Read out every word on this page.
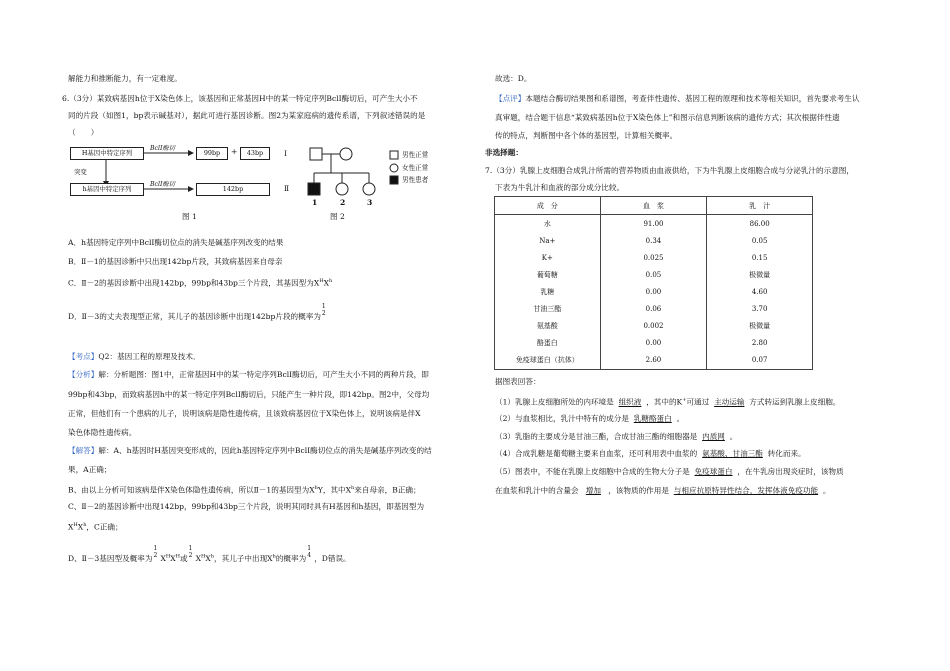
解能力和推断能力，有一定难度。
6.（3分）某致病基因h位于X染色体上，该基因和正常基因H中的某一特定序列BclI酶切后，可产生大小不
同的片段（如图1，bp表示碱基对），据此可进行基因诊断。图2为某家庭病的遗传系谱，下列叙述错误的是
（　　）
H基因中特定序列
BclⅠ酶切
99bp	+	43bp
突变
h基因中特定序列
BclⅠ酶切
142bp
图 1
Ⅰ
Ⅱ
1	2	3
男性正常
女性正常
男性患者
图 2
A．h基因特定序列中BclⅠ酶切位点的消失是碱基序列改变的结果
B．Ⅱ－1的基因诊断中只出现142bp片段，其致病基因来自母亲
C．Ⅱ－2的基因诊断中出现142bp，99bp和43bp三个片段，其基因型为$X^HX^h$
D．Ⅱ－3的丈夫表现型正常，其儿子的基因诊断中出现142bp片段的概率为
1
2
【考点】Q2：基因工程的原理及技术．
【分析】解：分析题图：图1中，正常基因H中的某一特定序列BclI酶切后，可产生大小不同的两种片段，即
99bp和43bp，而致病基因h中的某一特定序列BclI酶切后，只能产生一种片段，即142bp。图2中，父母均
正常，但他们有一个患病的儿子，说明该病是隐性遗传病，且该致病基因位于X染色体上，说明该病是伴X
染色体隐性遗传病。
【解答】解：A、h基因时H基因突变形成的，因此h基因特定序列中BclI酶切位点的消失是碱基序列改变的结
果，A正确；
B、由以上分析可知该病是伴X染色体隐性遗传病，所以Ⅱ－1的基因型为$X^hY$，其中$X^h$来自母亲，B正确；
C、Ⅱ－2的基因诊断中出现142bp，99bp和43bp三个片段，说明其同时具有H基因和h基因，即基因型为
$X^HX^h$，C正确；
D、Ⅱ－3基因型及概率为
1
2 $X^HX^H$或
1
2 $X^HX^h$，其儿子中出现$X^h$的概率为
1
4 ，D错误。
故选：D。
【点评】本题结合酶切结果图和系谱图，考查伴性遗传、基因工程的原理和技术等相关知识，首先要求考生认
真审题，结合题干信息“某致病基因h位于X染色体上”和图示信息判断该病的遗传方式；其次根据伴性遗
传的特点，判断图中各个体的基因型，计算相关概率。
非选择题：
7.（3分）乳腺上皮细胞合成乳汁所需的营养物质由血液供给，下为牛乳腺上皮细胞合成与分泌乳汁的示意图，
下表为牛乳汁和血液的部分成分比较。
成　分	血　浆	乳　汁
水	91.00	86.00
Na+	0.34	0.05
K+	0.025	0.15
葡萄糖	0.05	极微量
乳糖	0.00	4.60
甘油三酯	0.06	3.70
氨基酸	0.002	极微量
酪蛋白	0.00	2.80
免疫球蛋白（抗体）	2.60	0.07
据图表回答：
（1）乳腺上皮细胞所处的内环境是 组织液 ，其中的K+可通过 主动运输 方式转运到乳腺上皮细胞。
（2）与血浆相比，乳汁中特有的成分是 乳糖酪蛋白 。
（3）乳脂的主要成分是甘油三酯，合成甘油三酯的细胞器是 内质网 。
（4）合成乳糖是葡萄糖主要来自血浆，还可利用表中血浆的 氨基酸、甘油三酯 转化而来。
（5）图表中，不能在乳腺上皮细胞中合成的生物大分子是 免疫球蛋白 ，在牛乳房出现炎症时，该物质
在血浆和乳汁中的含量会 增加 ，该物质的作用是 与相应抗原特异性结合，发挥体液免疫功能 。
